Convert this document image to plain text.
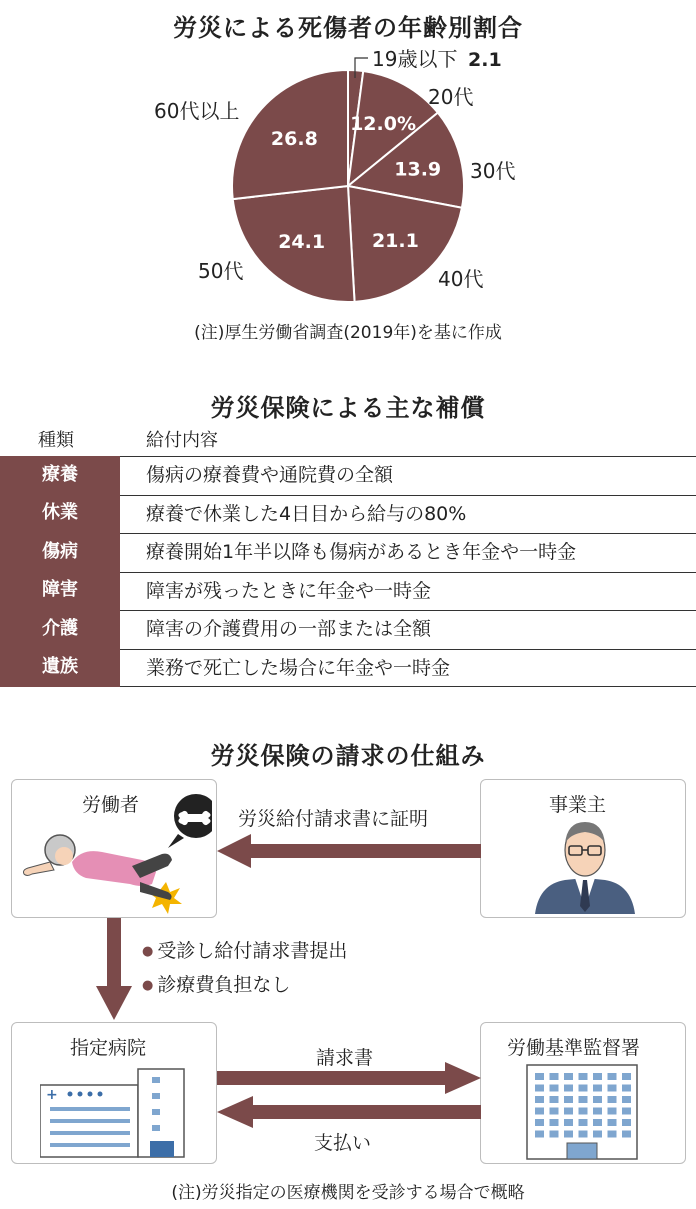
労災による死傷者の年齢別割合
2.1
19歳以下
12.0%
20代
13.9 30代
21.1
40代
24.1
50代
26.8
60代以上
(注)厚生労働省調査(2019年)を基に作成
労災保険による主な補償
種類	給付内容
療養	傷病の療養費や通院費の全額
休業	療養で休業した4日目から給与の80%
傷病	療養開始1年半以降も傷病があるとき年金や一時金
障害	障害が残ったときに年金や一時金
介護	障害の介護費用の一部または全額
遺族	業務で死亡した場合に年金や一時金
労災保険の請求の仕組み
労働者	事業主
労災給付請求書に証明
● 受診し給付請求書提出
● 診療費負担なし
指定病院
+
労働基準監督署
請求書
支払い
(注)労災指定の医療機関を受診する場合で概略
